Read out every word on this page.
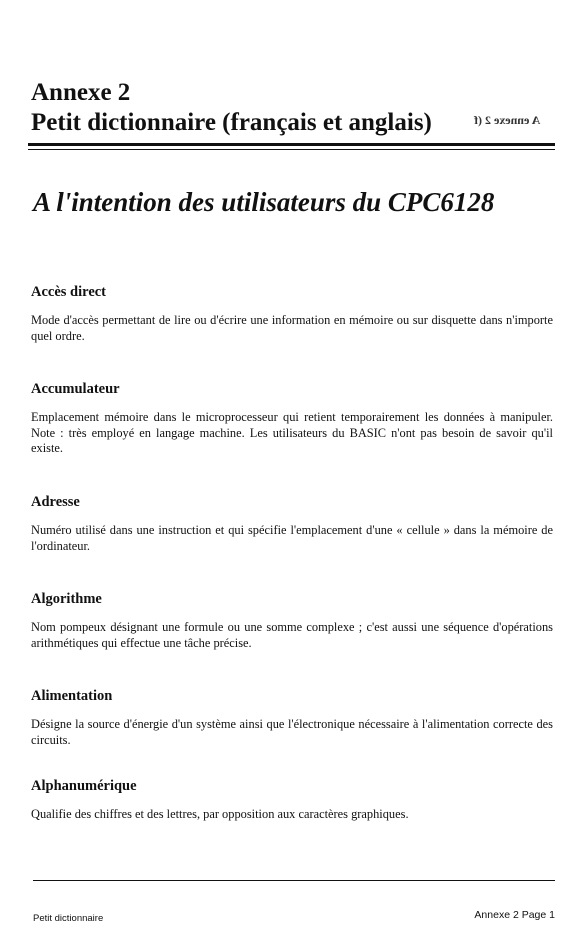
Annexe 2
Petit dictionnaire (français et anglais)	A ennexe 2 (f
A l'intention des utilisateurs du CPC6128

Accès direct

Mode d'accès permettant de lire ou d'écrire une information en mémoire ou sur disquette dans n'importe quel ordre.

Accumulateur

Emplacement mémoire dans le microprocesseur qui retient temporairement les données à manipuler. Note : très employé en langage machine. Les utilisateurs du BASIC n'ont pas besoin de savoir qu'il existe.

Adresse

Numéro utilisé dans une instruction et qui spécifie l'emplacement d'une « cellule » dans la mémoire de l'ordinateur.

Algorithme

Nom pompeux désignant une formule ou une somme complexe ; c'est aussi une séquence d'opérations arithmétiques qui effectue une tâche précise.

Alimentation

Désigne la source d'énergie d'un système ainsi que l'électronique nécessaire à l'alimentation correcte des circuits.

Alphanumérique

Qualifie des chiffres et des lettres, par opposition aux caractères graphiques.

Petit dictionnaire	Annexe 2 Page 1
